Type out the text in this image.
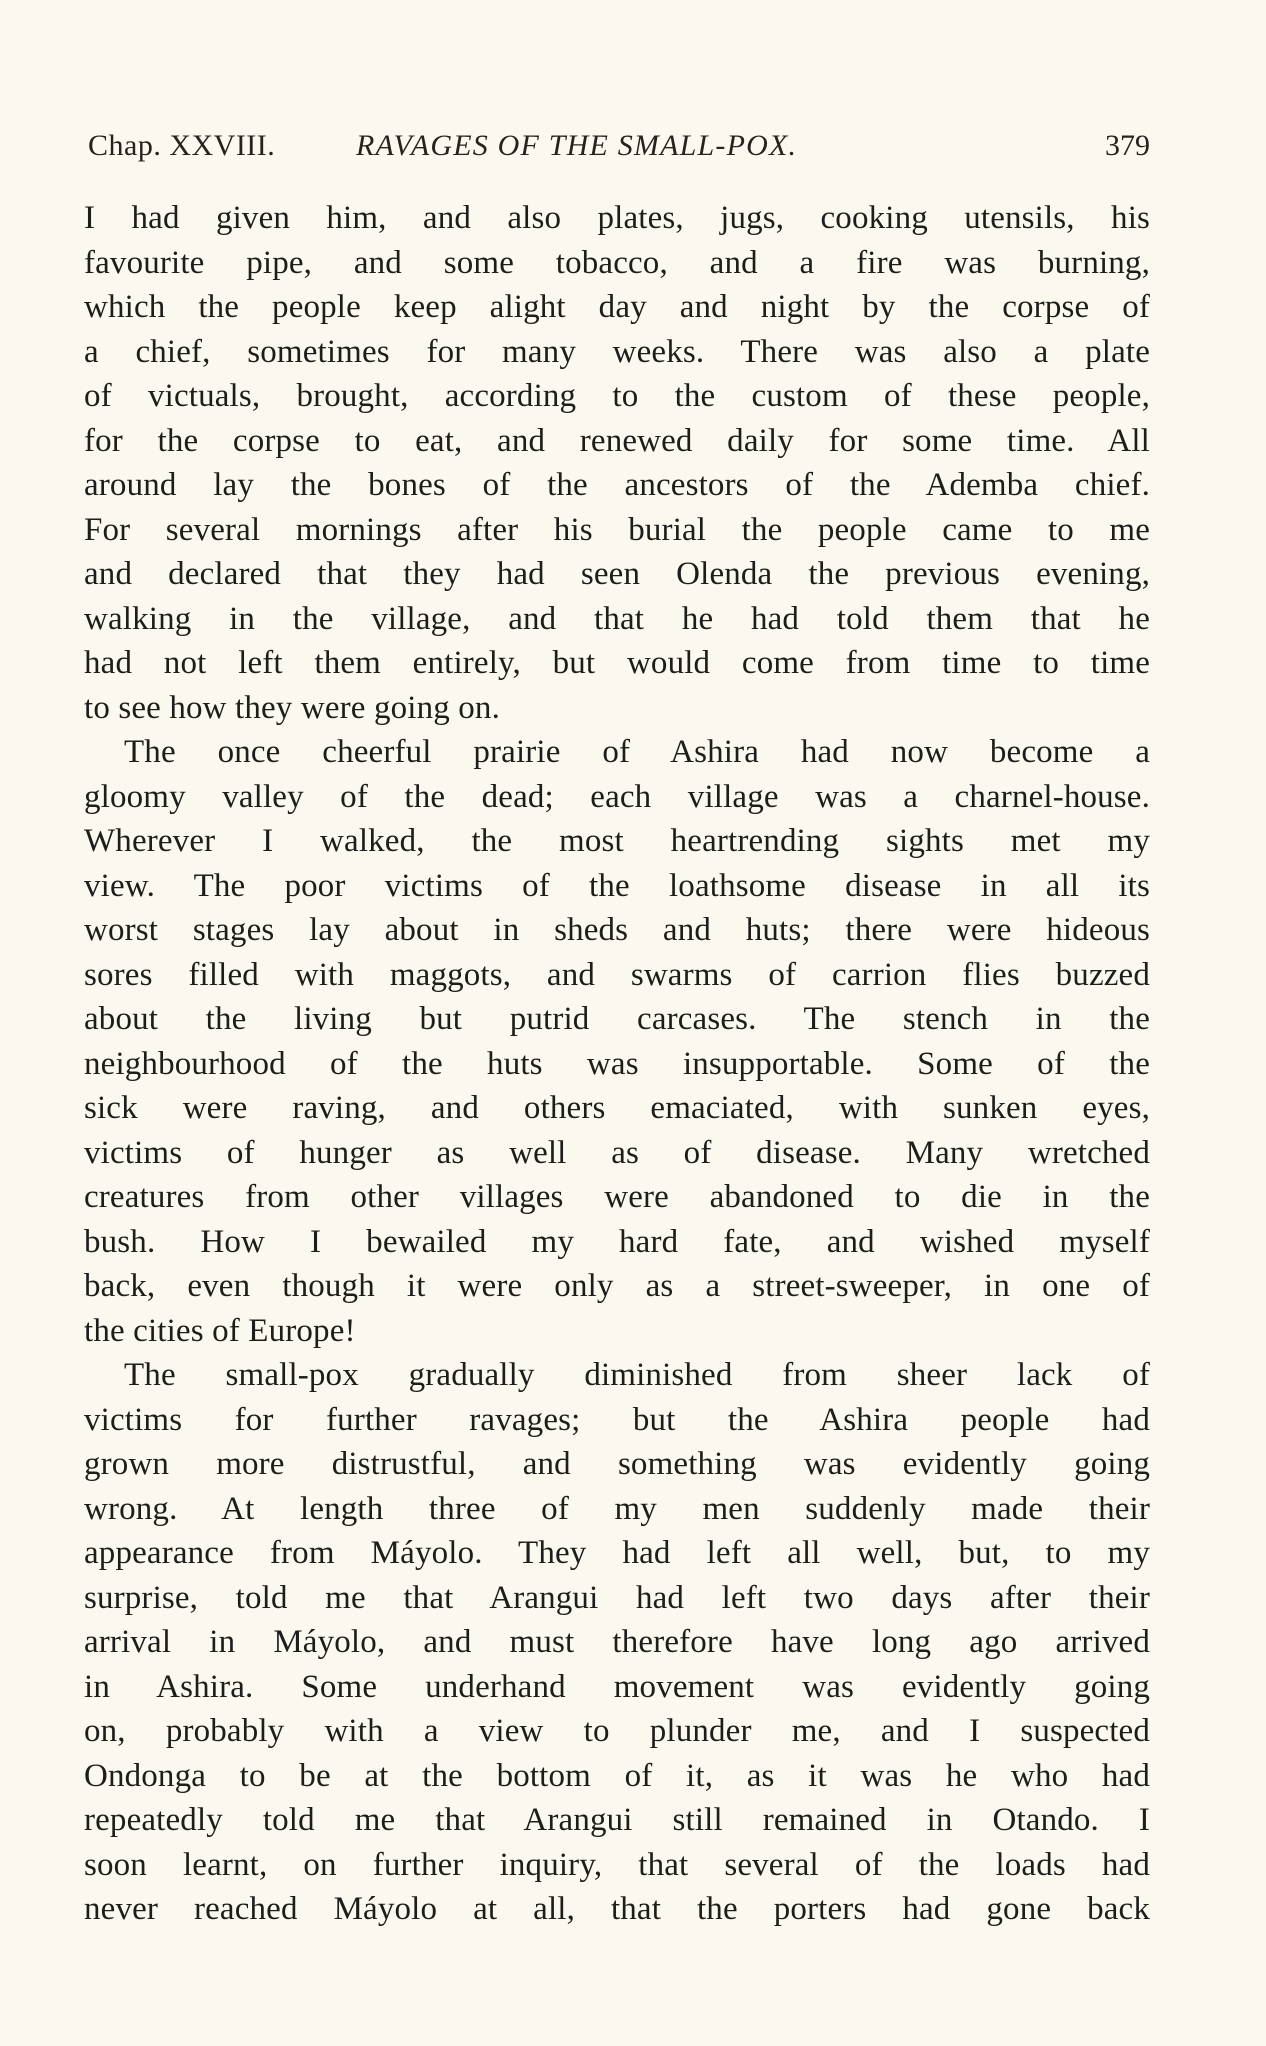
Chap. XXVIII.	RAVAGES OF THE SMALL-POX.	379
I had given him, and also plates, jugs, cooking utensils, his
favourite pipe, and some tobacco, and a fire was burning,
which the people keep alight day and night by the corpse of
a chief, sometimes for many weeks. There was also a plate
of victuals, brought, according to the custom of these people,
for the corpse to eat, and renewed daily for some time. All
around lay the bones of the ancestors of the Ademba chief.
For several mornings after his burial the people came to me
and declared that they had seen Olenda the previous evening,
walking in the village, and that he had told them that he
had not left them entirely, but would come from time to time
to see how they were going on.
The once cheerful prairie of Ashira had now become a
gloomy valley of the dead; each village was a charnel-house.
Wherever I walked, the most heartrending sights met my
view. The poor victims of the loathsome disease in all its
worst stages lay about in sheds and huts; there were hideous
sores filled with maggots, and swarms of carrion flies buzzed
about the living but putrid carcases. The stench in the
neighbourhood of the huts was insupportable. Some of the
sick were raving, and others emaciated, with sunken eyes,
victims of hunger as well as of disease. Many wretched
creatures from other villages were abandoned to die in the
bush. How I bewailed my hard fate, and wished myself
back, even though it were only as a street-sweeper, in one of
the cities of Europe!
The small-pox gradually diminished from sheer lack of
victims for further ravages; but the Ashira people had
grown more distrustful, and something was evidently going
wrong. At length three of my men suddenly made their
appearance from Máyolo. They had left all well, but, to my
surprise, told me that Arangui had left two days after their
arrival in Máyolo, and must therefore have long ago arrived
in Ashira. Some underhand movement was evidently going
on, probably with a view to plunder me, and I suspected
Ondonga to be at the bottom of it, as it was he who had
repeatedly told me that Arangui still remained in Otando. I
soon learnt, on further inquiry, that several of the loads had
never reached Máyolo at all, that the porters had gone back
